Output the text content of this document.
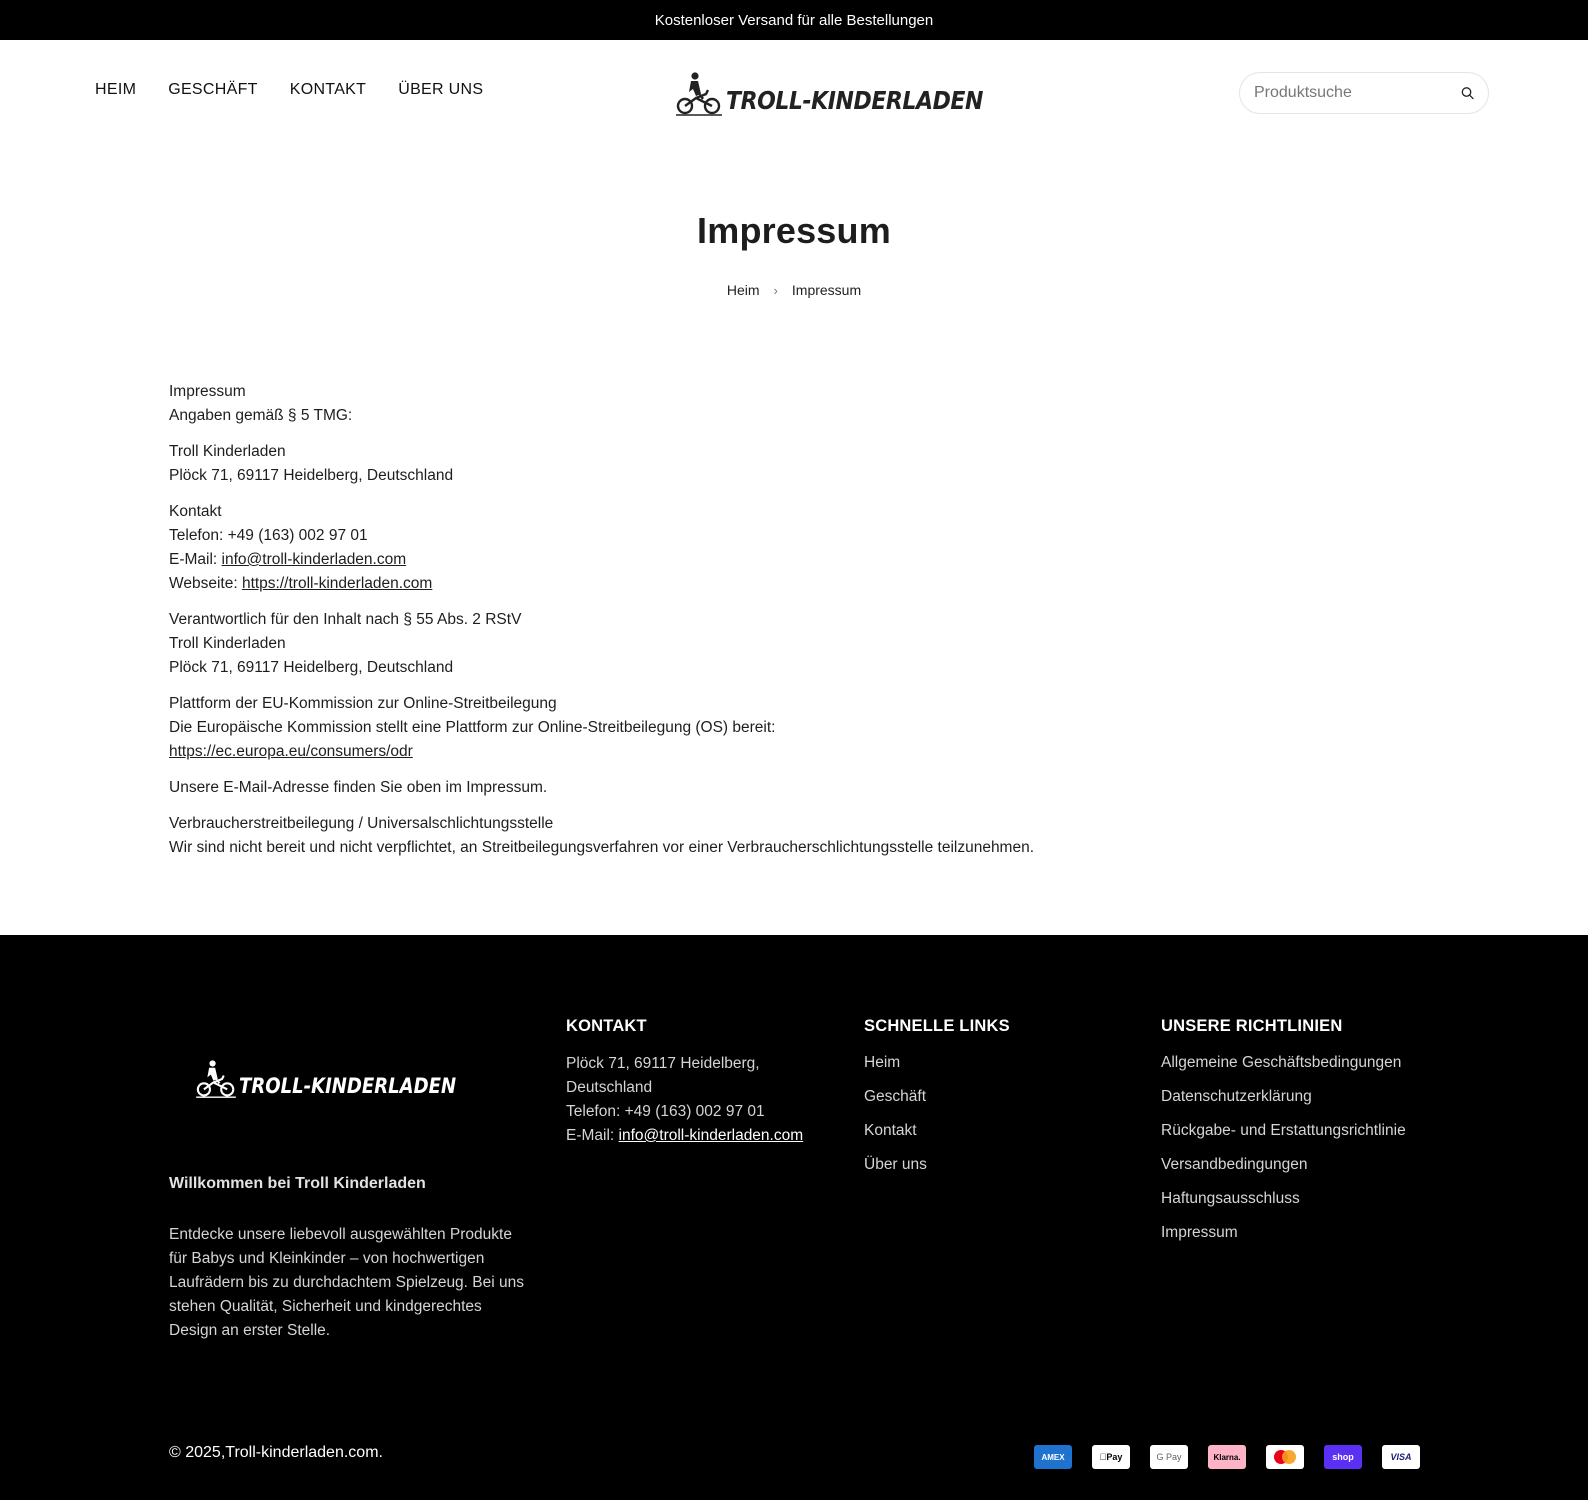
Kostenloser Versand für alle Bestellungen
HEIM GESCHÄFT KONTAKT ÜBER UNS	TROLL-KINDERLADEN
Produktsuche
Impressum
Heim › Impressum

Impressum
Angaben gemäß § 5 TMG:

Troll Kinderladen
Plöck 71, 69117 Heidelberg, Deutschland

Kontakt
Telefon: +49 (163) 002 97 01
E-Mail: info@troll-kinderladen.com
Webseite: https://troll-kinderladen.com

Verantwortlich für den Inhalt nach § 55 Abs. 2 RStV
Troll Kinderladen
Plöck 71, 69117 Heidelberg, Deutschland

Plattform der EU-Kommission zur Online-Streitbeilegung
Die Europäische Kommission stellt eine Plattform zur Online-Streitbeilegung (OS) bereit:
https://ec.europa.eu/consumers/odr

Unsere E-Mail-Adresse finden Sie oben im Impressum.

Verbraucherstreitbeilegung / Universalschlichtungsstelle
Wir sind nicht bereit und nicht verpflichtet, an Streitbeilegungsverfahren vor einer Verbraucherschlichtungsstelle teilzunehmen.

TROLL-KINDERLADEN
Willkommen bei Troll Kinderladen
Entdecke unsere liebevoll ausgewählten Produkte für Babys und Kleinkinder – von hochwertigen Laufrädern bis zu durchdachtem Spielzeug. Bei uns stehen Qualität, Sicherheit und kindgerechtes Design an erster Stelle.
KONTAKT
Plöck 71, 69117 Heidelberg, Deutschland
Telefon: +49 (163) 002 97 01
E-Mail: info@troll-kinderladen.com
SCHNELLE LINKS
Heim
Geschäft
Kontakt
Über uns
UNSERE RICHTLINIEN
Allgemeine Geschäftsbedingungen
Datenschutzerklärung
Rückgabe- und Erstattungsrichtlinie
Versandbedingungen
Haftungsausschluss
Impressum
© 2025,Troll-kinderladen.com.	AMEX	Pay	G Pay	Klarna.	shop	VISA
